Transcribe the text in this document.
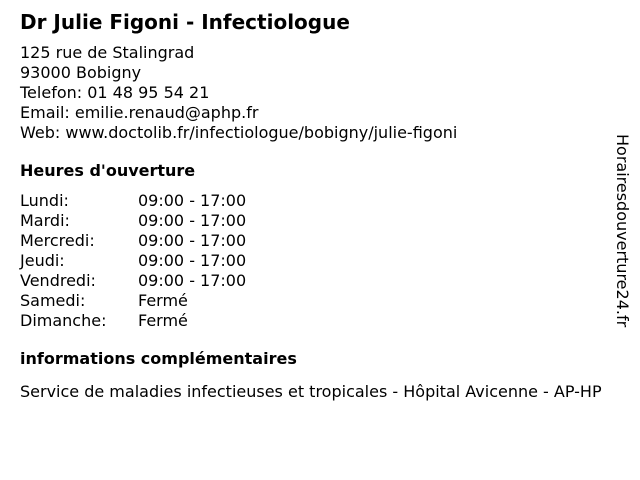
Dr Julie Figoni - Infectiologue
125 rue de Stalingrad
93000 Bobigny
Telefon: 01 48 95 54 21
Email: emilie.renaud@aphp.fr
Web: www.doctolib.fr/infectiologue/bobigny/julie-figoni
Heures d'ouverture
Lundi:	09:00 - 17:00
Mardi:	09:00 - 17:00
Mercredi:	09:00 - 17:00
Jeudi:	09:00 - 17:00
Vendredi:	09:00 - 17:00
Samedi:	Fermé
Dimanche: Fermé
informations complémentaires
Service de maladies infectieuses et tropicales - Hôpital Avicenne - AP-HP
Horairesdouverture24.fr
